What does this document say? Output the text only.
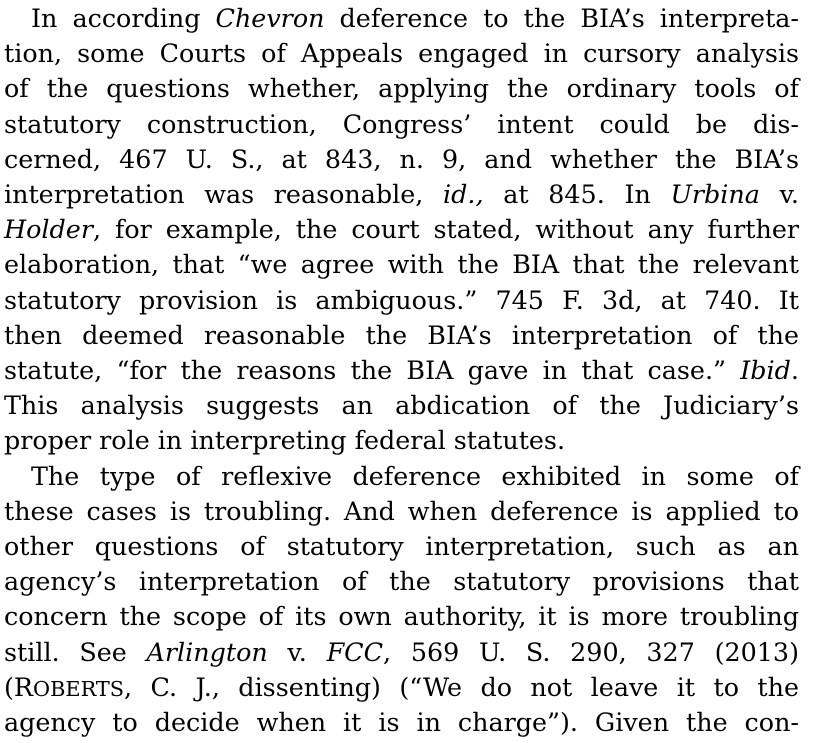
In according Chevron deference to the BIA’s interpreta-
tion, some Courts of Appeals engaged in cursory analysis
of the questions whether, applying the ordinary tools of
statutory construction, Congress’ intent could be dis-
cerned, 467 U. S., at 843, n. 9, and whether the BIA’s
interpretation was reasonable, id., at 845. In Urbina v.
Holder, for example, the court stated, without any further
elaboration, that “we agree with the BIA that the relevant
statutory provision is ambiguous.” 745 F. 3d, at 740. It
then deemed reasonable the BIA’s interpretation of the
statute, “for the reasons the BIA gave in that case.” Ibid.
This analysis suggests an abdication of the Judiciary’s
proper role in interpreting federal statutes.
The type of reflexive deference exhibited in some of
these cases is troubling. And when deference is applied to
other questions of statutory interpretation, such as an
agency’s interpretation of the statutory provisions that
concern the scope of its own authority, it is more troubling
still. See Arlington v. FCC, 569 U. S. 290, 327 (2013)
(ROBERTS, C. J., dissenting) (“We do not leave it to the
agency to decide when it is in charge”). Given the con-
